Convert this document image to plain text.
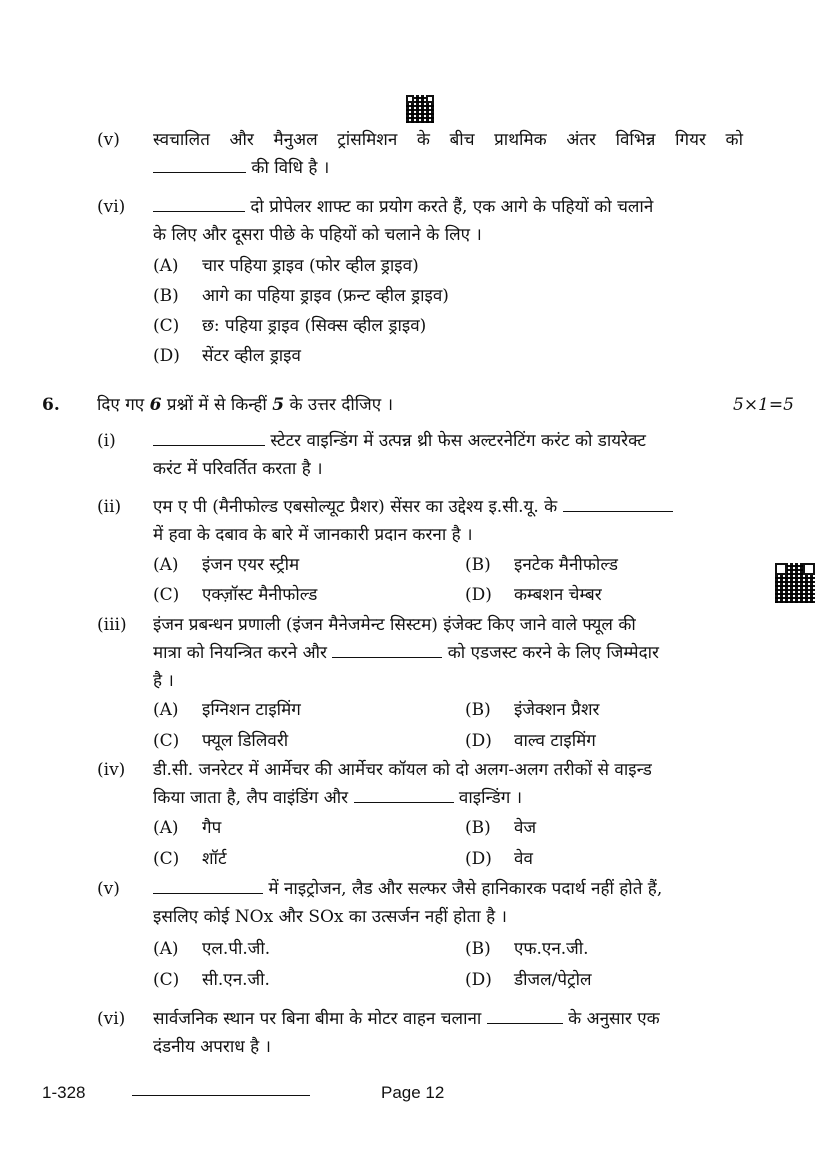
(v) स्वचालित और मैनुअल ट्रांसमिशन के बीच प्राथमिक अंतर विभिन्न गियर को
की विधि है ।
(vi)	दो प्रोपेलर शाफ्ट का प्रयोग करते हैं, एक आगे के पहियों को चलाने
के लिए और दूसरा पीछे के पहियों को चलाने के लिए ।
(A) चार पहिया ड्राइव (फोर व्हील ड्राइव)
(B) आगे का पहिया ड्राइव (फ्रन्ट व्हील ड्राइव)
(C) छ: पहिया ड्राइव (सिक्स व्हील ड्राइव)
(D) सेंटर व्हील ड्राइव
6. दिए गए 6 प्रश्नों में से किन्हीं 5 के उत्तर दीजिए ।	5×1=5
(i)	स्टेटर वाइन्डिंग में उत्पन्न थ्री फेस अल्टरनेटिंग करंट को डायरेक्ट
करंट में परिवर्तित करता है ।
(ii) एम ए पी (मैनीफोल्ड एबसोल्यूट प्रैशर) सेंसर का उद्देश्य इ.सी.यू. के
में हवा के दबाव के बारे में जानकारी प्रदान करना है ।
(A) इंजन एयर स्ट्रीम	(B) इनटेक मैनीफोल्ड
(C) एक्ज़ॉस्ट मैनीफोल्ड	(D) कम्बशन चेम्बर
(iii) इंजन प्रबन्धन प्रणाली (इंजन मैनेजमेन्ट सिस्टम) इंजेक्ट किए जाने वाले फ्यूल की
मात्रा को नियन्त्रित करने और	को एडजस्ट करने के लिए जिम्मेदार
है ।
(A) इग्निशन टाइमिंग	(B) इंजेक्शन प्रैशर
(C) फ्यूल डिलिवरी	(D) वाल्व टाइमिंग
(iv) डी.सी. जनरेटर में आर्मेचर की आर्मेचर कॉयल को दो अलग-अलग तरीकों से वाइन्ड
किया जाता है, लैप वाइंडिंग और	वाइन्डिंग ।
(A) गैप	(B) वेज
(C) शॉर्ट	(D) वेव
(v)	में नाइट्रोजन, लैड और सल्फर जैसे हानिकारक पदार्थ नहीं होते हैं,
इसलिए कोई NOx और SOx का उत्सर्जन नहीं होता है ।
(A) एल.पी.जी.	(B) एफ.एन.जी.
(C) सी.एन.जी.	(D) डीजल/पेट्रोल
(vi) सार्वजनिक स्थान पर बिना बीमा के मोटर वाहन चलाना	के अनुसार एक
दंडनीय अपराध है ।
1-328	Page 12
